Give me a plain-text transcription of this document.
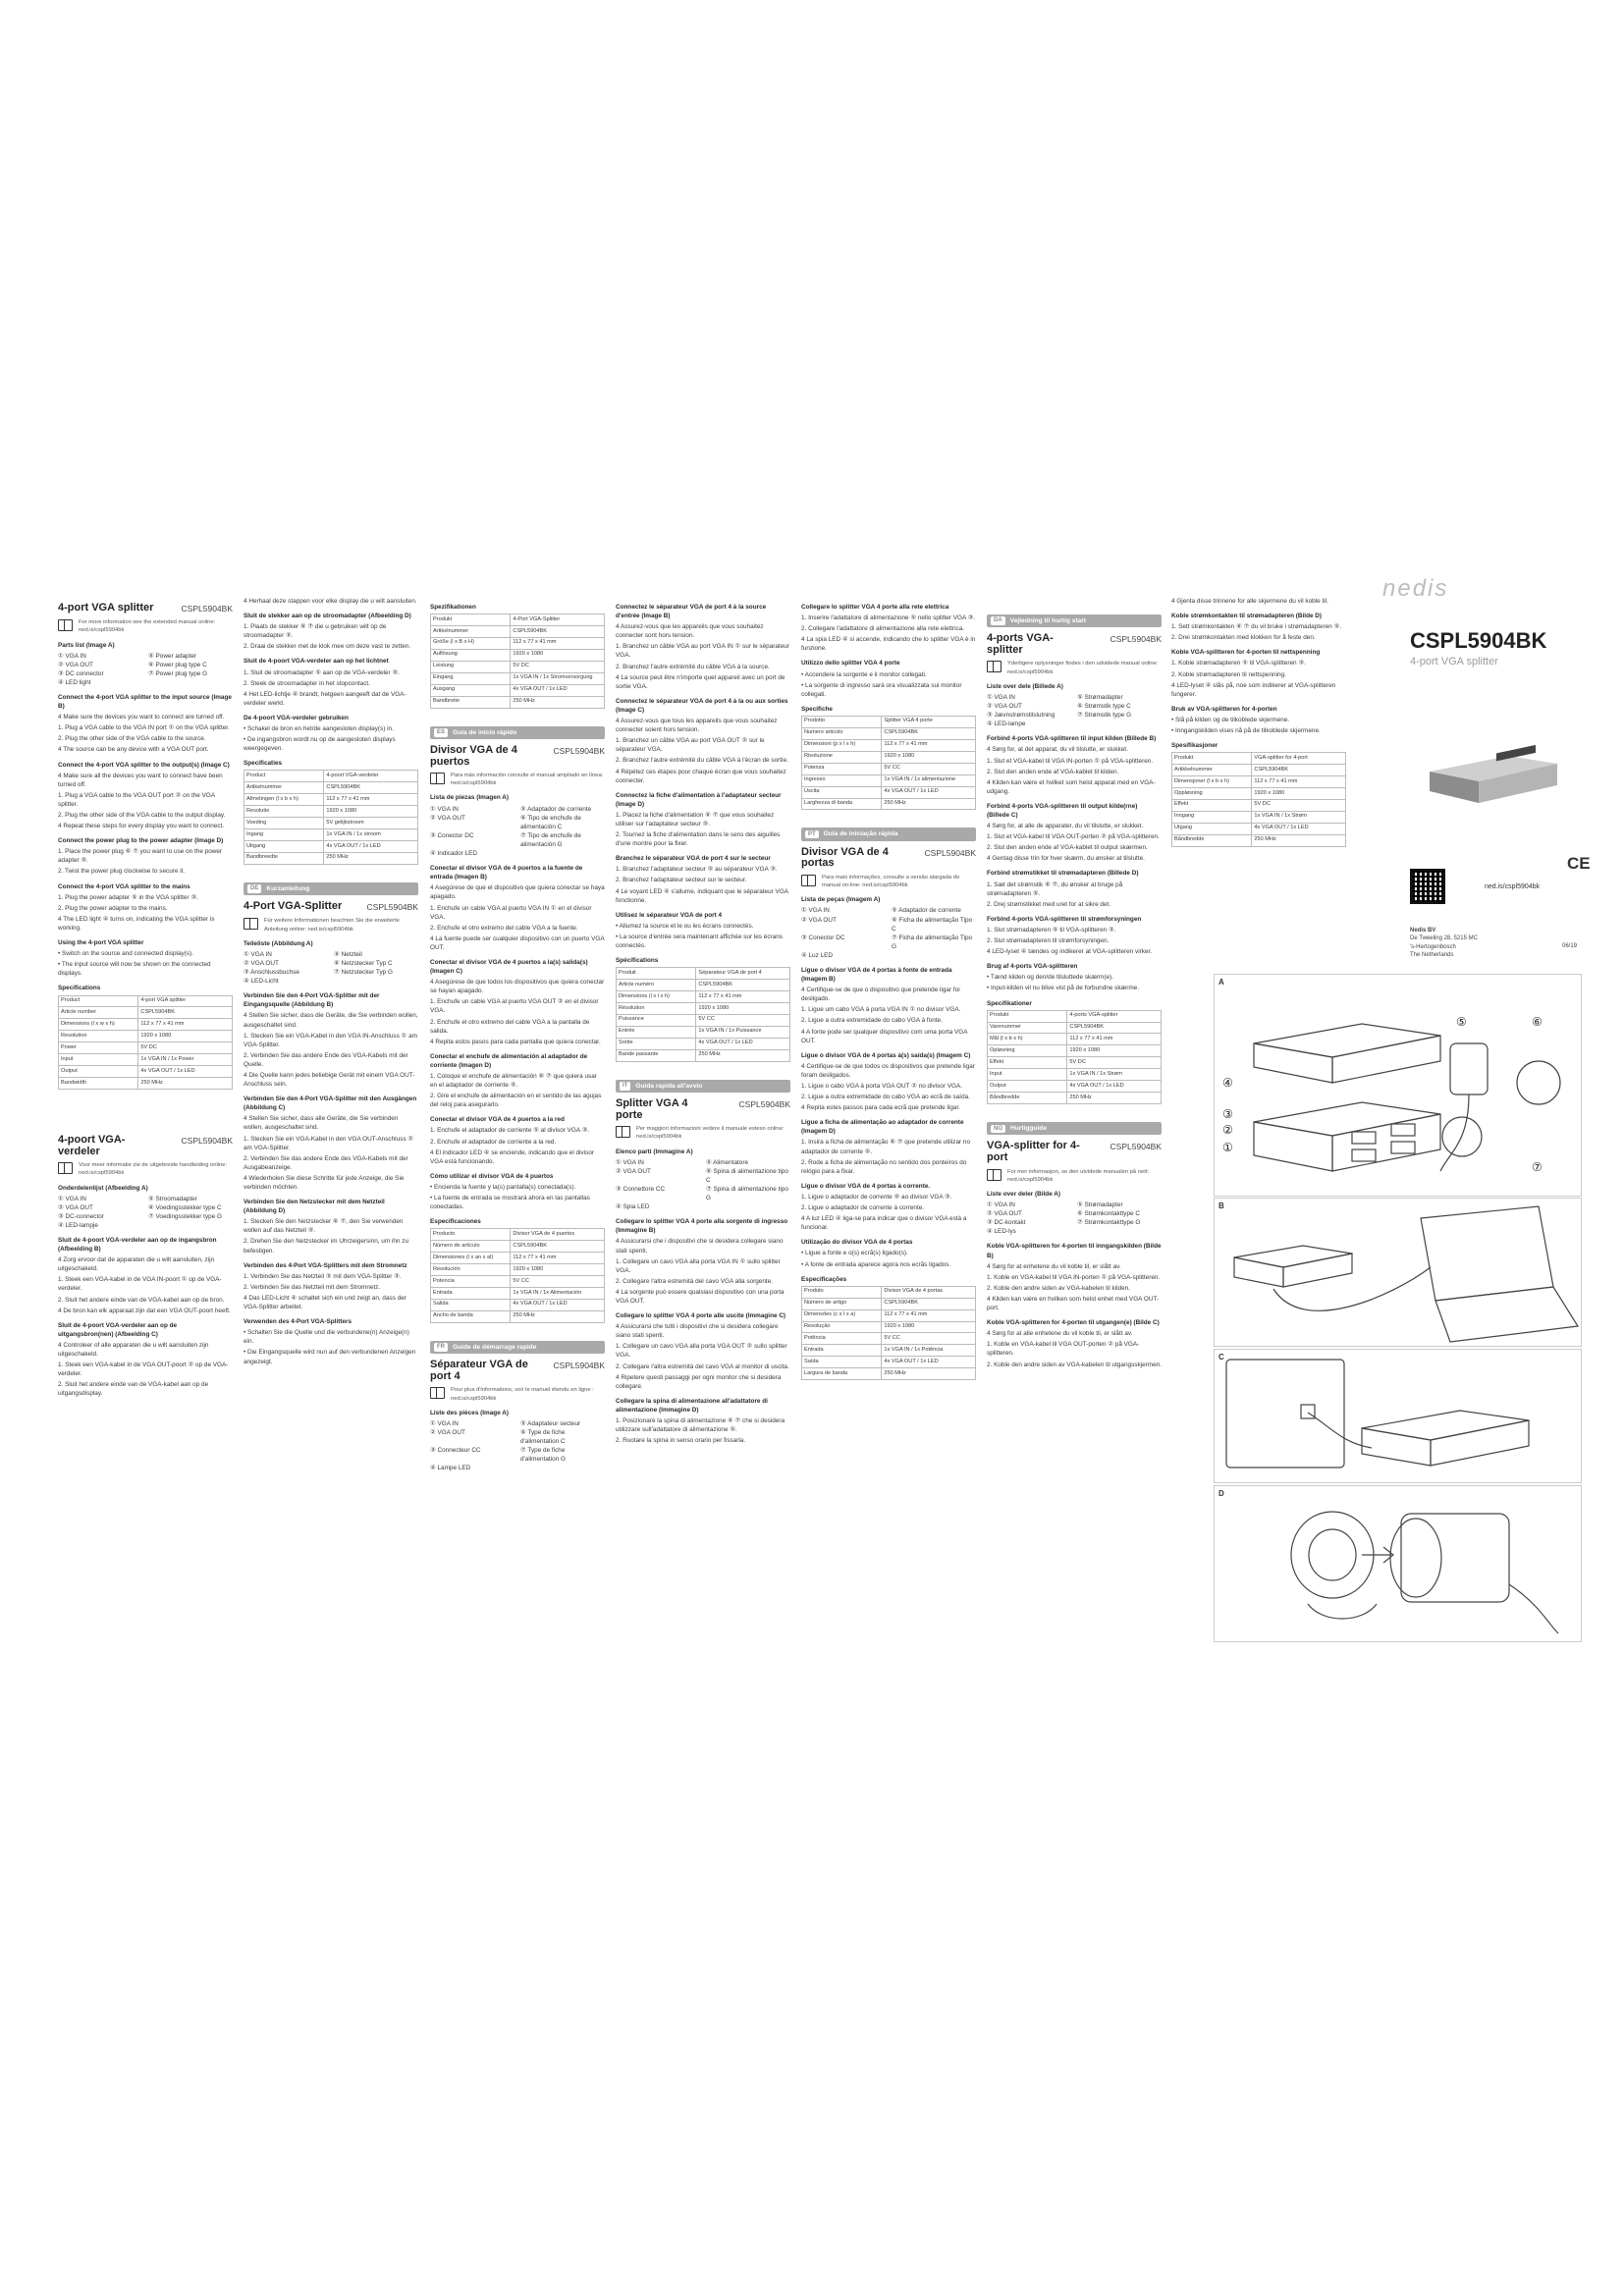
4-port VGA splitter	CSPL5904BK
For more information see the extended manual online: ned.is/cspl5904bk

Parts list (Image A)

① VGA IN	⑤ Power adapter
② VGA OUT	⑥ Power plug type C
③ DC connector	⑦ Power plug type G
④ LED light

Connect the 4-port VGA splitter to the input source (Image B)

4 Make sure the devices you want to connect are turned off.

1. Plug a VGA cable to the VGA IN port ① on the VGA splitter.

2. Plug the other side of the VGA cable to the source.

4 The source can be any device with a VGA OUT port.

Connect the 4-port VGA splitter to the output(s) (Image C)

4 Make sure all the devices you want to connect have been turned off.

1. Plug a VGA cable to the VGA OUT port ② on the VGA splitter.

2. Plug the other side of the VGA cable to the output display.

4 Repeat these steps for every display you want to connect.

Connect the power plug to the power adapter (Image D)

1. Place the power plug ⑥ ⑦ you want to use on the power adapter ⑤.

2. Twist the power plug clockwise to secure it.

Connect the 4-port VGA splitter to the mains

1. Plug the power adapter ⑤ in the VGA splitter ③.

2. Plug the power adapter to the mains.

4 The LED light ④ turns on, indicating the VGA splitter is working.

Using the 4-port VGA splitter

• Switch on the source and connected display(s).

• The input source will now be shown on the connected displays.

Specifications

Product	4-port VGA splitter
Article number	CSPL5904BK
Dimensions (l x w x h)	112 x 77 x 41 mm
Resolution	1920 x 1080
Power	5V DC
Input	1x VGA IN / 1x Power
Output	4x VGA OUT / 1x LED
Bandwidth	250 MHz
4-poort VGA-verdeler
CSPL5904BK
Voor meer informatie zie de uitgebreide handleiding online: ned.is/cspl5904bk

Onderdelenlijst (Afbeelding A)

① VGA IN	⑤ Stroomadapter
② VGA OUT	⑥ Voedingsstekker type C
③ DC-connector	⑦ Voedingsstekker type G
④ LED-lampje

Sluit de 4-poort VGA-verdeler aan op de ingangsbron (Afbeelding B)

4 Zorg ervoor dat de apparaten die u wilt aansluiten, zijn uitgeschakeld.

1. Steek een VGA-kabel in de VGA IN-poort ① op de VGA-verdeler.

2. Sluit het andere einde van de VGA-kabel aan op de bron.

4 De bron kan elk apparaat zijn dat een VGA OUT-poort heeft.

Sluit de 4-poort VGA-verdeler aan op de uitgangsbron(nen) (Afbeelding C)

4 Controleer of alle apparaten die u wilt aansluiten zijn uitgeschakeld.

1. Steek een VGA-kabel in de VGA OUT-poort ② op de VGA-verdeler.

2. Sluit het andere einde van de VGA-kabel aan op de uitgangsdisplay.

4 Herhaal deze stappen voor elke display die u wilt aansluiten.

Sluit de stekker aan op de stroomadapter (Afbeelding D)

1. Plaats de stekker ⑥ ⑦ die u gebruiken wilt op de stroomadapter ⑤.

2. Draai de stekker met de klok mee om deze vast te zetten.

Sluit de 4-poort VGA-verdeler aan op het lichtnet

1. Sluit de stroomadapter ⑤ aan op de VGA-verdeler ③.

2. Steek de stroomadapter in het stopcontact.

4 Het LED-lichtje ④ brandt, hetgeen aangeeft dat de VGA-verdeler werkt.

De 4-poort VGA-verdeler gebruiken

• Schakel de bron en het/de aangesloten display(s) in.

• De ingangsbron wordt nu op de aangesloten displays weergegeven.

Specificaties

Product	4-poort VGA-verdeler
Artikelnummer	CSPL5904BK
Afmetingen (l x b x h)	112 x 77 x 41 mm
Resolutie	1920 x 1080
Voeding	5V gelijkstroom
Ingang	1x VGA IN / 1x stroom
Uitgang	4x VGA OUT / 1x LED
Bandbreedte	250 MHz
DE	Kurzanleitung
4-Port VGA-Splitter	CSPL5904BK
Für weitere Informationen beachten Sie die erweiterte Anleitung online: ned.is/cspl5904bk

Teileliste (Abbildung A)

① VGA IN	⑤ Netzteil
② VGA OUT	⑥ Netzstecker Typ C
③ Anschlussbuchse	⑦ Netzstecker Typ G
④ LED-Licht

Verbinden Sie den 4-Port VGA-Splitter mit der Eingangsquelle (Abbildung B)

4 Stellen Sie sicher, dass die Geräte, die Sie verbinden wollen, ausgeschaltet sind.

1. Stecken Sie ein VGA-Kabel in den VGA IN-Anschluss ① am VGA-Splitter.

2. Verbinden Sie das andere Ende des VGA-Kabels mit der Quelle.

4 Die Quelle kann jedes beliebige Gerät mit einem VGA OUT-Anschluss sein.

Verbinden Sie den 4-Port VGA-Splitter mit den Ausgängen (Abbildung C)

4 Stellen Sie sicher, dass alle Geräte, die Sie verbinden wollen, ausgeschaltet sind.

1. Stecken Sie ein VGA-Kabel in den VGA OUT-Anschluss ② am VGA-Splitter.

2. Verbinden Sie das andere Ende des VGA-Kabels mit der Ausgabeanzeige.

4 Wiederholen Sie diese Schritte für jede Anzeige, die Sie verbinden möchten.

Verbinden Sie den Netzstecker mit dem Netzteil (Abbildung D)

1. Stecken Sie den Netzstecker ⑥ ⑦, den Sie verwenden wollen auf das Netzteil ⑤.

2. Drehen Sie den Netzstecker im Uhrzeigersinn, um ihn zu befestigen.

Verbinden des 4-Port VGA-Splitters mit dem Stromnetz

1. Verbinden Sie das Netzteil ⑤ mit dem VGA-Splitter ③.

2. Verbinden Sie das Netzteil mit dem Stromnetz.

4 Das LED-Licht ④ schaltet sich ein und zeigt an, dass der VGA-Splitter arbeitet.

Verwenden des 4-Port VGA-Splitters

• Schalten Sie die Quelle und die verbundene(n) Anzeige(n) ein.

• Die Eingangsquelle wird nun auf den verbundenen Anzeigen angezeigt.

Spezifikationen

Produkt	4-Port VGA-Splitter
Artikelnummer	CSPL5904BK
Größe (l x B x H)	112 x 77 x 41 mm
Auflösung	1920 x 1080
Leistung	5V DC
Eingang	1x VGA IN / 1x Stromversorgung
Ausgang	4x VGA OUT / 1x LED
Bandbreite	250 MHz
ES	Guía de inicio rápido
Divisor VGA de 4 puertos
CSPL5904BK
Para más información consulte el manual ampliado en línea: ned.is/cspl5904bk

Lista de piezas (Imagen A)

① VGA IN	⑤ Adaptador de corriente
② VGA OUT	⑥ Tipo de enchufe de alimentación C
③ Conector DC	⑦ Tipo de enchufe de alimentación G
④ Indicador LED

Conectar el divisor VGA de 4 puertos a la fuente de entrada (Imagen B)

4 Asegúrese de que el dispositivo que quiera conectar se haya apagado.

1. Enchufe un cable VGA al puerto VGA IN ① en el divisor VGA.

2. Enchufe el otro extremo del cable VGA a la fuente.

4 La fuente puede ser cualquier dispositivo con un puerto VGA OUT.

Conectar el divisor VGA de 4 puertos a la(s) salida(s) (Imagen C)

4 Asegúrese de que todos los dispositivos que quiera conectar se hayan apagado.

1. Enchufe un cable VGA al puerto VGA OUT ② en el divisor VGA.

2. Enchufe el otro extremo del cable VGA a la pantalla de salida.

4 Repita estos pasos para cada pantalla que quiera conectar.

Conectar el enchufe de alimentación al adaptador de corriente (Imagen D)

1. Coloque el enchufe de alimentación ⑥ ⑦ que quiera usar en el adaptador de corriente ⑤.

2. Gire el enchufe de alimentación en el sentido de las agujas del reloj para asegurarlo.

Conectar el divisor VGA de 4 puertos a la red

1. Enchufe el adaptador de corriente ⑤ al divisor VGA ③.

2. Enchufe el adaptador de corriente a la red.

4 El indicador LED ④ se enciende, indicando que el divisor VGA está funcionando.

Cómo utilizar el divisor VGA de 4 puertos

• Encienda la fuente y la(s) pantalla(s) conectada(s).

• La fuente de entrada se mostrará ahora en las pantallas conectadas.

Especificaciones

Producto	Divisor VGA de 4 puertos
Número de artículo	CSPL5904BK
Dimensiones (l x an x al)	112 x 77 x 41 mm
Resolución	1920 x 1080
Potencia	5V CC
Entrada	1x VGA IN / 1x Alimentación
Salida	4x VGA OUT / 1x LED
Ancho de banda	250 MHz
FR	Guide de démarrage rapide
Séparateur VGA de port 4
CSPL5904BK
Pour plus d'informations, voir le manuel étendu en ligne : ned.is/cspl5904bk

Liste des pièces (Image A)

① VGA IN	⑤ Adaptateur secteur
② VGA OUT	⑥ Type de fiche d'alimentation C
③ Connecteur CC	⑦ Type de fiche d'alimentation G
④ Lampe LED

Connectez le séparateur VGA de port 4 à la source d'entrée (Image B)

4 Assurez-vous que les appareils que vous souhaitez connecter sont hors tension.

1. Branchez un câble VGA au port VGA IN ① sur le séparateur VGA.

2. Branchez l'autre extrémité du câble VGA à la source.

4 La source peut être n'importe quel appareil avec un port de sortie VGA.

Connectez le séparateur VGA de port 4 à la ou aux sorties (Image C)

4 Assurez-vous que tous les appareils que vous souhaitez connecter soient hors tension.

1. Branchez un câble VGA au port VGA OUT ② sur le séparateur VGA.

2. Branchez l'autre extrémité du câble VGA à l'écran de sortie.

4 Répétez ces étapes pour chaque écran que vous souhaitez connecter.

Connectez la fiche d'alimentation à l'adaptateur secteur (Image D)

1. Placez la fiche d'alimentation ⑥ ⑦ que vous souhaitez utiliser sur l'adaptateur secteur ⑤.

2. Tournez la fiche d'alimentation dans le sens des aiguilles d'une montre pour la fixer.

Branchez le séparateur VGA de port 4 sur le secteur

1. Branchez l'adaptateur secteur ⑤ au séparateur VGA ③.

2. Branchez l'adaptateur secteur sur le secteur.

4 Le voyant LED ④ s'allume, indiquant que le séparateur VGA fonctionne.

Utilisez le séparateur VGA de port 4

• Allumez la source et le ou les écrans connectés.

• La source d'entrée sera maintenant affichée sur les écrans connectés.

Spécifications

Produit	Séparateur VGA de port 4
Article numéro	CSPL5904BK
Dimensions (l x l x h)	112 x 77 x 41 mm
Résolution	1920 x 1080
Puissance	5V CC
Entrée	1x VGA IN / 1x Puissance
Sortie	4x VGA OUT / 1x LED
Bande passante	250 MHz
IT	Guida rapida all'avvio
Splitter VGA 4 porte
CSPL5904BK
Per maggiori informazioni vedere il manuale esteso online: ned.is/cspl5904bk

Elenco parti (Immagine A)

① VGA IN	⑤ Alimentatore
② VGA OUT	⑥ Spina di alimentazione tipo C
③ Connettore CC	⑦ Spina di alimentazione tipo G
④ Spia LED

Collegare lo splitter VGA 4 porte alla sorgente di ingresso (Immagine B)

4 Assicurarsi che i dispositivi che si desidera collegare siano stati spenti.

1. Collegare un cavo VGA alla porta VGA IN ① sullo splitter VGA.

2. Collegare l'altra estremità del cavo VGA alla sorgente.

4 La sorgente può essere qualsiasi dispositivo con una porta VGA OUT.

Collegare lo splitter VGA 4 porte alle uscite (Immagine C)

4 Assicurarsi che tutti i dispositivi che si desidera collegare siano stati spenti.

1. Collegare un cavo VGA alla porta VGA OUT ② sullo splitter VGA.

2. Collegare l'altra estremità del cavo VGA al monitor di uscita.

4 Ripetere questi passaggi per ogni monitor che si desidera collegare.

Collegare la spina di alimentazione all'adattatore di alimentazione (Immagine D)

1. Posizionare la spina di alimentazione ⑥ ⑦ che si desidera utilizzare sull'adattatore di alimentazione ⑤.

2. Ruotare la spina in senso orario per fissarla.

Collegare lo splitter VGA 4 porte alla rete elettrica

1. Inserire l'adattatore di alimentazione ⑤ nello splitter VGA ③.

2. Collegare l'adattatore di alimentazione alla rete elettrica.

4 La spia LED ④ si accende, indicando che lo splitter VGA è in funzione.

Utilizzo dello splitter VGA 4 porte

• Accendere la sorgente e il monitor collegati.

• La sorgente di ingresso sarà ora visualizzata sui monitor collegati.

Specifiche

Prodotto	Splitter VGA 4 porte
Numero articolo	CSPL5904BK
Dimensioni (p x l x h)	112 x 77 x 41 mm
Risoluzione	1920 x 1080
Potenza	5V CC
Ingresso	1x VGA IN / 1x alimentazione
Uscita	4x VGA OUT / 1x LED
Larghezza di banda	250 MHz
PT	Guia de iniciação rápida
Divisor VGA de 4 portas
CSPL5904BK
Para mais informações, consulte a versão alargada do manual on-line: ned.is/cspl5904bk

Lista de peças (Imagem A)

① VGA IN	⑤ Adaptador de corrente
② VGA OUT	⑥ Ficha de alimentação Tipo C
③ Conector DC	⑦ Ficha de alimentação Tipo G
④ Luz LED

Ligue o divisor VGA de 4 portas à fonte de entrada (Imagem B)

4 Certifique-se de que o dispositivo que pretende ligar foi desligado.

1. Ligue um cabo VGA à porta VGA IN ① no divisor VGA.

2. Ligue a outra extremidade do cabo VGA à fonte.

4 A fonte pode ser qualquer dispositivo com uma porta VGA OUT.

Ligue o divisor VGA de 4 portas à(s) saída(s) (Imagem C)

4 Certifique-se de que todos os dispositivos que pretende ligar foram desligados.

1. Ligue o cabo VGA à porta VGA OUT ② no divisor VGA.

2. Ligue a outra extremidade do cabo VGA ao ecrã de saída.

4 Repita estes passos para cada ecrã que pretende ligar.

Ligue a ficha de alimentação ao adaptador de corrente (Imagem D)

1. Insira a ficha de alimentação ⑥ ⑦ que pretende utilizar no adaptador de corrente ⑤.

2. Rode a ficha de alimentação no sentido dos ponteiros do relógio para a fixar.

Ligue o divisor VGA de 4 portas à corrente.

1. Ligue o adaptador de corrente ⑤ ao divisor VGA ③.

2. Ligue o adaptador de corrente à corrente.

4 A luz LED ④ liga-se para indicar que o divisor VGA está a funcionar.

Utilização do divisor VGA de 4 portas

• Ligue a fonte e o(s) ecrã(s) ligado(s).

• A fonte de entrada aparece agora nos ecrãs ligados.

Especificações

Produto	Divisor VGA de 4 portas
Número de artigo	CSPL5904BK
Dimensões (c x l x a)	112 x 77 x 41 mm
Resolução	1920 x 1080
Potência	5V CC
Entrada	1x VGA IN / 1x Potência
Saída	4x VGA OUT / 1x LED
Largura de banda	250 MHz
DA	Vejledning til hurtig start
4-ports VGA-splitter
CSPL5904BK
Yderligere oplysninger findes i den udvidede manual online: ned.is/cspl5904bk

Liste over dele (Billede A)

① VGA IN	⑤ Strømadapter
② VGA OUT	⑥ Strømstik type C
③ Jævnstrømstilslutning	⑦ Strømstik type G
④ LED-lampe

Forbind 4-ports VGA-splitteren til input kilden (Billede B)

4 Sørg for, at det apparat, du vil tilslutte, er slukket.

1. Slut et VGA-kabel til VGA IN-porten ① på VGA-splitteren.

2. Slut den anden ende af VGA-kablet til kilden.

4 Kilden kan være et hvilket som helst apparat med en VGA-udgang.

Forbind 4-ports VGA-splitteren til output kilde(rne) (Billede C)

4 Sørg for, at alle de apparater, du vil tilslutte, er slukket.

1. Slut et VGA-kabel til VGA OUT-porten ② på VGA-splitteren.

2. Slut den anden ende af VGA-kablet til output skærmen.

4 Gentag disse trin for hver skærm, du ønsker at tilslutte.

Forbind strømstikket til strømadapteren (Billede D)

1. Sæt det strømstik ⑥ ⑦, du ønsker at bruge på strømadapteren ⑤.

2. Drej strømstikket med uret for at sikre det.

Forbind 4-ports VGA-splitteren til strømforsyningen

1. Slut strømadapteren ⑤ til VGA-splitteren ③.

2. Slut strømadapteren til strømforsyningen.

4 LED-lyset ④ tændes og indikerer at VGA-splitteren virker.

Brug af 4-ports VGA-splitteren

• Tænd kilden og den/de tilsluttede skærm(e).

• Input-kilden vil nu blive vist på de forbundne skærme.

Specifikationer

Produkt	4-ports VGA-splitter
Varenummer	CSPL5904BK
Mål (l x b x h)	112 x 77 x 41 mm
Opløsning	1920 x 1080
Effekt	5V DC
Input	1x VGA IN / 1x Strøm
Output	4x VGA OUT / 1x LED
Båndbredde	250 MHz
NO	Hurtigguide
VGA-splitter for 4-port
CSPL5904BK
For mer informasjon, se den utvidede manualen på nett: ned.is/cspl5904bk

Liste over deler (Bilde A)

① VGA IN	⑤ Strømadapter
② VGA OUT	⑥ Strømkontakttype C
③ DC-kontakt	⑦ Strømkontakttype G
④ LED-lys

Koble VGA-splitteren for 4-porten til inngangskilden (Bilde B)

4 Sørg for at enhetene du vil koble til, er slått av.

1. Koble en VGA-kabel til VGA IN-porten ① på VGA-splitteren.

2. Koble den andre siden av VGA-kabelen til kilden.

4 Kilden kan være en hvilken som helst enhet med VGA OUT-port.

Koble VGA-splitteren for 4-porten til utgangen(e) (Bilde C)

4 Sørg for at alle enhetene du vil koble til, er slått av.

1. Koble en VGA-kabel til VGA OUT-porten ② på VGA-splitteren.

2. Koble den andre siden av VGA-kabelen til utgangsskjermen.

4 Gjenta disse trinnene for alle skjermene du vil koble til.

Koble strømkontakten til strømadapteren (Bilde D)

1. Sett strømkontakten ⑥ ⑦ du vil bruke i strømadapteren ⑤.

2. Drei strømkontakten med klokken for å feste den.

Koble VGA-splitteren for 4-porten til nettspenning

1. Koble strømadapteren ⑤ til VGA-splitteren ③.

2. Koble strømadapteren til nettspenning.

4 LED-lyset ④ slås på, noe som indikerer at VGA-splitteren fungerer.

Bruk av VGA-splitteren for 4-porten

• Slå på kilden og de tilkoblede skjermene.

• Inngangskilden vises nå på de tilkoblede skjermene.

Spesifikasjoner

Produkt	VGA-splitter for 4-port
Artikkelnummer	CSPL5904BK
Dimensjoner (l x b x h)	112 x 77 x 41 mm
Oppløsning	1920 x 1080
Effekt	5V DC
Inngang	1x VGA IN / 1x Strøm
Utgang	4x VGA OUT / 1x LED
Båndbredde	250 MHz
nedis
CSPL5904BK
4-port VGA splitter
ned.is/cspl5904bk
CE
Nedis BV
De Tweeling 28, 5215 MC
's-Hertogenbosch
The Netherlands
06/19
A
⑤	⑥
④
③
②
①
⑦
B
C
D
